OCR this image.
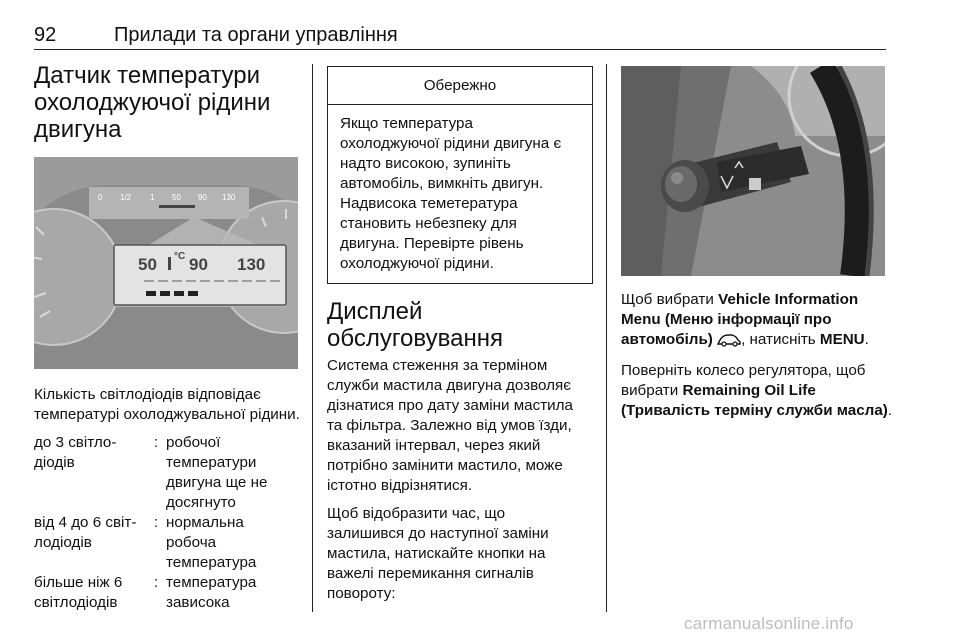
92	Прилади та органи управління
Датчик температури
охолоджуючої рідини
двигуна
0 1/2 1 50 90 130
50 °C 90 130

Кількість світлодіодів відповідає температурі охолоджувальної рідини.

до 3 світло-
діодів
: робочої
температури
двигуна ще не
досягнуто
від 4 до 6 світ-
лодіодів
: нормальна
робоча
температура
більше ніж 6
світлодіодів
: температура
зависока
Обережно
Якщо температура
охолоджуючої рідини двигуна є
надто високою, зупиніть
автомобіль, вимкніть двигун.
Надвисока теметература
становить небезпеку для
двигуна. Перевірте рівень
охолоджуючої рідини.
Дисплей обслуговування

Система стеження за терміном
служби мастила двигуна дозволяє
дізнатися про дату заміни мастила
та фільтра. Залежно від умов їзди,
вказаний інтервал, через який
потрібно замінити мастило, може
істотно відрізнятися.

Щоб відобразити час, що
залишився до наступної заміни
мастила, натискайте кнопки на
важелі перемикання сигналів
повороту:

Щоб вибрати Vehicle Information
Menu (Меню інформації про
автомобіль) , натисніть MENU.

Поверніть колесо регулятора, щоб
вибрати Remaining Oil Life
(Тривалість терміну служби масла).

carmanualsonline.info
